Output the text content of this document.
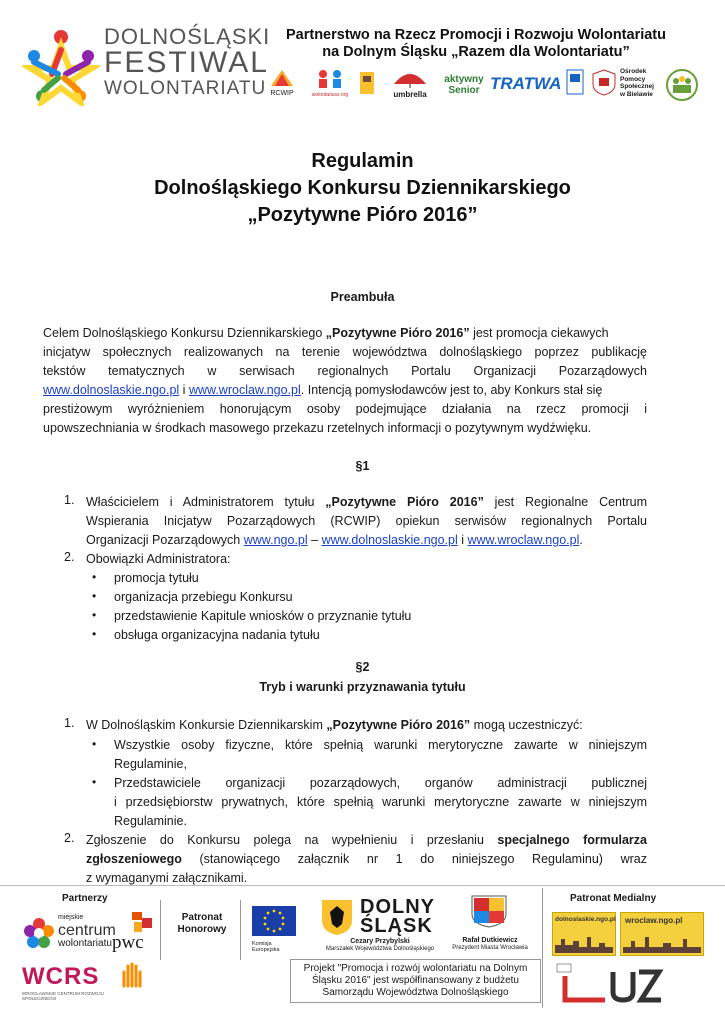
DOLNOŚLĄSKI
FESTIWAL
WOLONTARIATU
Partnerstwo na Rzecz Promocji i Rozwoju Wolontariatu
na Dolnym Śląsku „Razem dla Wolontariatu”
RCWIP	wolontariusz.org	umbrella
aktywny Senior TRATWA
Ośrodek Pomocy Społecznej w Bielawie
Regulamin
Dolnośląskiego Konkursu Dziennikarskiego
„Pozytywne Pióro 2016”
Preambuła
Celem Dolnośląskiego Konkursu Dziennikarskiego „Pozytywne Pióro 2016” jest promocja ciekawych
inicjatyw społecznych realizowanych na terenie województwa dolnośląskiego poprzez publikację
tekstów tematycznych w serwisach regionalnych Portalu Organizacji Pozarządowych
www.dolnoslaskie.ngo.pl i www.wroclaw.ngo.pl. Intencją pomysłodawców jest to, aby Konkurs stał się
prestiżowym wyróżnieniem honorującym osoby podejmujące działania na rzecz promocji i
upowszechniania w środkach masowego przekazu rzetelnych informacji o pozytywnym wydźwięku.
§1
1. Właścicielem i Administratorem tytułu „Pozytywne Pióro 2016” jest Regionalne Centrum
Wspierania Inicjatyw Pozarządowych (RCWIP) opiekun serwisów regionalnych Portalu
Organizacji Pozarządowych www.ngo.pl – www.dolnoslaskie.ngo.pl i www.wroclaw.ngo.pl.
2. Obowiązki Administratora:
• promocja tytułu
• organizacja przebiegu Konkursu
• przedstawienie Kapitule wniosków o przyznanie tytułu
• obsługa organizacyjna nadania tytułu
§2
Tryb i warunki przyznawania tytułu
1. W Dolnośląskim Konkursie Dziennikarskim „Pozytywne Pióro 2016” mogą uczestniczyć:
• Wszystkie osoby fizyczne, które spełnią warunki merytoryczne zawarte w niniejszym
Regulaminie,
• Przedstawiciele organizacji pozarządowych, organów administracji publicznej
i przedsiębiorstw prywatnych, które spełnią warunki merytoryczne zawarte w niniejszym
Regulaminie.
2. Zgłoszenie do Konkursu polega na wypełnieniu i przesłaniu specjalnego formularza
zgłoszeniowego (stanowiącego załącznik nr 1 do niniejszego Regulaminu) wraz
z wymaganymi załącznikami.
Partnerzy
miejskie
centrum
wolontariatu pwc
WCRS
WROCŁAWSKIE CENTRUM ROZWOJU SPOŁECZNEGO
Patronat
Honorowy
Komisja Europejska
DOLNY
ŚLĄSK
Cezary Przybylski
Marszałek Województwa Dolnośląskiego
Rafał Dutkiewicz
Prezydent Miasta Wrocławia
Patronat Medialny
dolnoslaskie.ngo.pl	wroclaw.ngo.pl
Projekt "Promocja i rozwój wolontariatu na Dolnym
Śląsku 2016" jest współfinansowany z budżetu
Samorządu Województwa Dolnośląskiego
